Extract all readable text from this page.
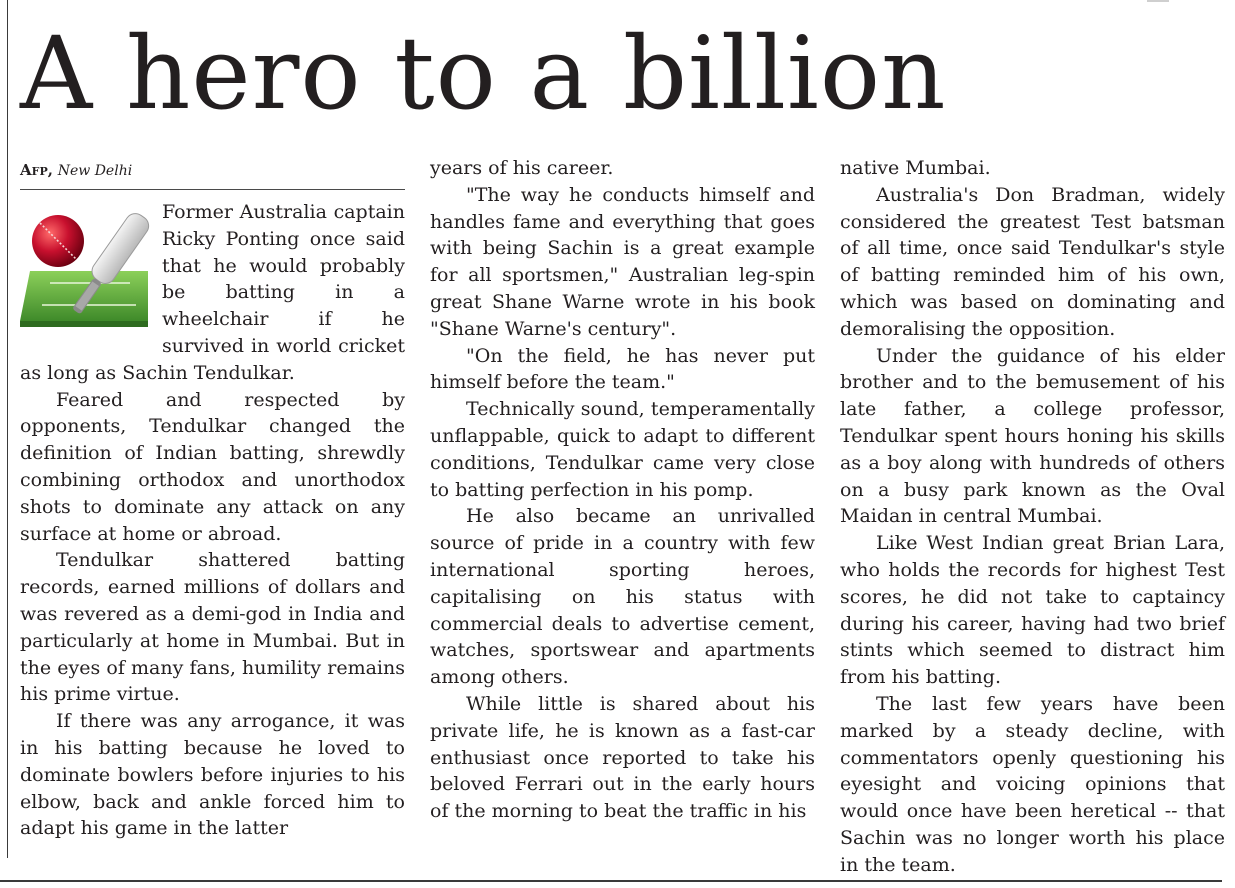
A hero to a billion
Afp, New Delhi

Former Australia captain Ricky Ponting once said that he would probably be batting in a wheelchair if he survived in world cricket as long as Sachin Tendulkar.

Feared and respected by opponents, Tendulkar changed the definition of Indian batting, shrewdly combining orthodox and unorthodox shots to dominate any attack on any surface at home or abroad.

Tendulkar shattered batting records, earned millions of dollars and was revered as a demi-god in India and particularly at home in Mumbai. But in the eyes of many fans, humility remains his prime virtue.

If there was any arrogance, it was in his batting because he loved to dominate bowlers before injuries to his elbow, back and ankle forced him to adapt his game in the latter

years of his career.

"The way he conducts himself and handles fame and everything that goes with being Sachin is a great example for all sportsmen," Australian leg-spin great Shane Warne wrote in his book "Shane Warne's century".

"On the field, he has never put himself before the team."

Technically sound, temperamentally unflappable, quick to adapt to different conditions, Tendulkar came very close to batting perfection in his pomp.

He also became an unrivalled source of pride in a country with few international sporting heroes, capitalising on his status with commercial deals to advertise cement, watches, sportswear and apartments among others.

While little is shared about his private life, he is known as a fast-car enthusiast once reported to take his beloved Ferrari out in the early hours of the morning to beat the traffic in his

native Mumbai.

Australia's Don Bradman, widely considered the greatest Test batsman of all time, once said Tendulkar's style of batting reminded him of his own, which was based on dominating and demoralising the opposition.

Under the guidance of his elder brother and to the bemusement of his late father, a college professor, Tendulkar spent hours honing his skills as a boy along with hundreds of others on a busy park known as the Oval Maidan in central Mumbai.

Like West Indian great Brian Lara, who holds the records for highest Test scores, he did not take to captaincy during his career, having had two brief stints which seemed to distract him from his batting.

The last few years have been marked by a steady decline, with commentators openly questioning his eyesight and voicing opinions that would once have been heretical -- that Sachin was no longer worth his place in the team.
